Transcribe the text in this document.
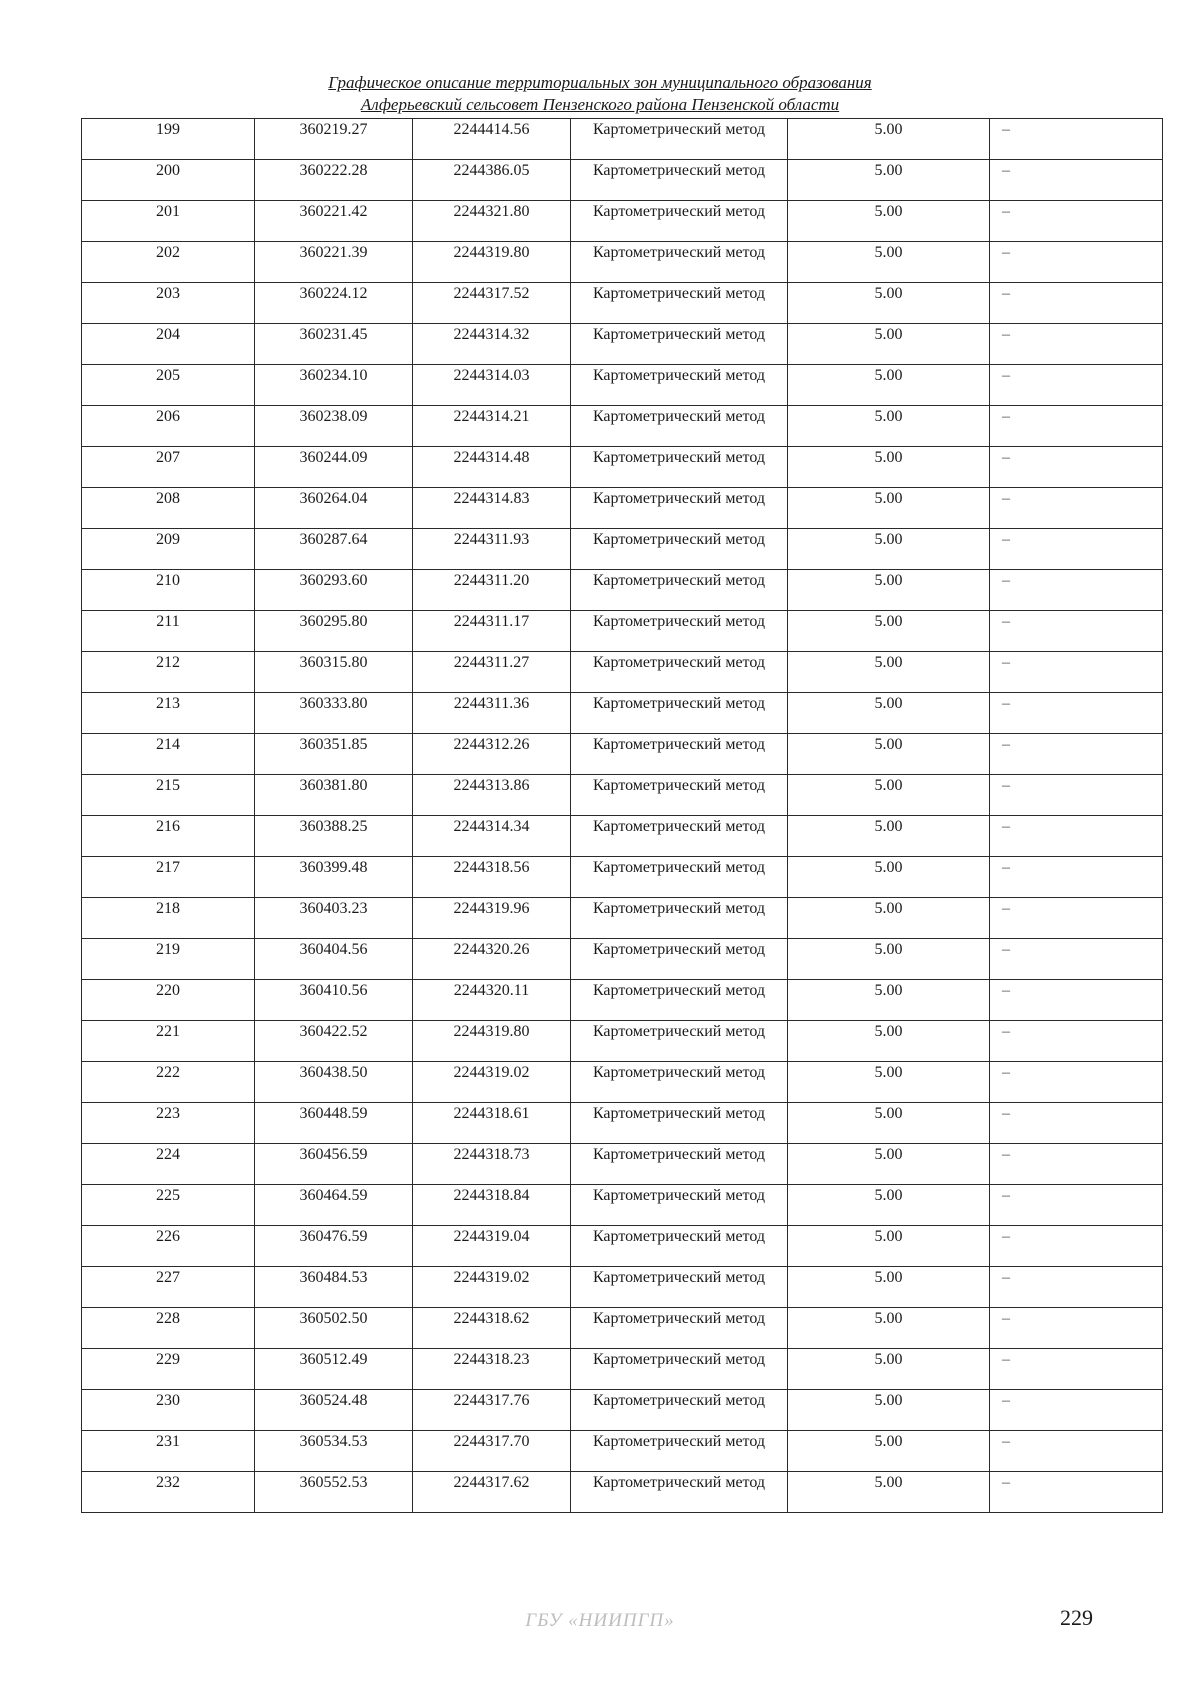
Графическое описание территориальных зон муниципального образования
Алферьевский сельсовет Пензенского района Пензенской области
199	360219.27	2244414.56	Картометрический метод	5.00	–
200	360222.28	2244386.05	Картометрический метод	5.00	–
201	360221.42	2244321.80	Картометрический метод	5.00	–
202	360221.39	2244319.80	Картометрический метод	5.00	–
203	360224.12	2244317.52	Картометрический метод	5.00	–
204	360231.45	2244314.32	Картометрический метод	5.00	–
205	360234.10	2244314.03	Картометрический метод	5.00	–
206	360238.09	2244314.21	Картометрический метод	5.00	–
207	360244.09	2244314.48	Картометрический метод	5.00	–
208	360264.04	2244314.83	Картометрический метод	5.00	–
209	360287.64	2244311.93	Картометрический метод	5.00	–
210	360293.60	2244311.20	Картометрический метод	5.00	–
211	360295.80	2244311.17	Картометрический метод	5.00	–
212	360315.80	2244311.27	Картометрический метод	5.00	–
213	360333.80	2244311.36	Картометрический метод	5.00	–
214	360351.85	2244312.26	Картометрический метод	5.00	–
215	360381.80	2244313.86	Картометрический метод	5.00	–
216	360388.25	2244314.34	Картометрический метод	5.00	–
217	360399.48	2244318.56	Картометрический метод	5.00	–
218	360403.23	2244319.96	Картометрический метод	5.00	–
219	360404.56	2244320.26	Картометрический метод	5.00	–
220	360410.56	2244320.11	Картометрический метод	5.00	–
221	360422.52	2244319.80	Картометрический метод	5.00	–
222	360438.50	2244319.02	Картометрический метод	5.00	–
223	360448.59	2244318.61	Картометрический метод	5.00	–
224	360456.59	2244318.73	Картометрический метод	5.00	–
225	360464.59	2244318.84	Картометрический метод	5.00	–
226	360476.59	2244319.04	Картометрический метод	5.00	–
227	360484.53	2244319.02	Картометрический метод	5.00	–
228	360502.50	2244318.62	Картометрический метод	5.00	–
229	360512.49	2244318.23	Картометрический метод	5.00	–
230	360524.48	2244317.76	Картометрический метод	5.00	–
231	360534.53	2244317.70	Картометрический метод	5.00	–
232	360552.53	2244317.62	Картометрический метод	5.00	–
ГБУ «НИИПГП»	229
